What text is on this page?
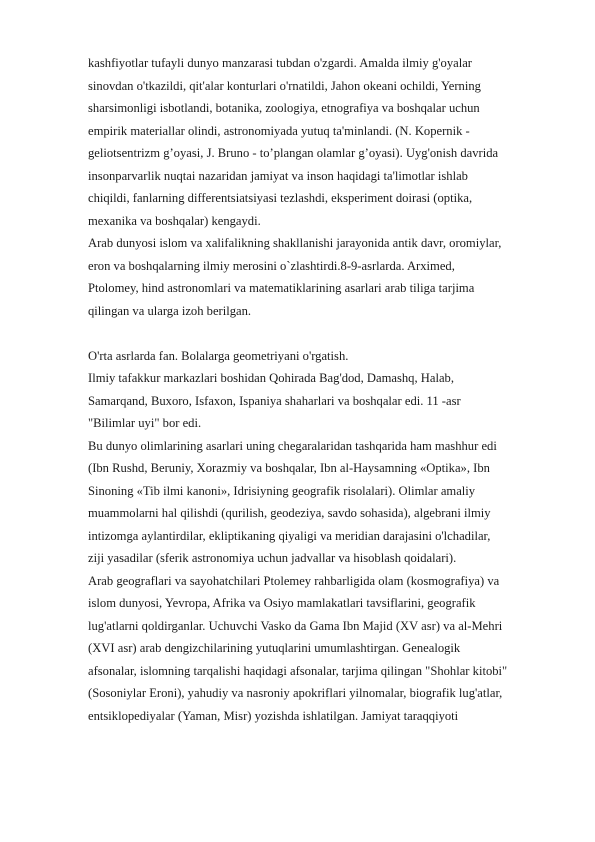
kashfiyotlar tufayli dunyo manzarasi tubdan o'zgardi. Amalda ilmiy g'oyalar
sinovdan o'tkazildi, qit'alar konturlari o'rnatildi, Jahon okeani ochildi, Yerning
sharsimonligi isbotlandi, botanika, zoologiya, etnografiya va boshqalar uchun
empirik materiallar olindi, astronomiyada yutuq ta'minlandi. (N. Kopernik -
geliotsentrizm g’oyasi, J. Bruno - to’plangan olamlar g’oyasi). Uyg'onish davrida
insonparvarlik nuqtai nazaridan jamiyat va inson haqidagi ta'limotlar ishlab
chiqildi, fanlarning differentsiatsiyasi tezlashdi, eksperiment doirasi (optika,
mexanika va boshqalar) kengaydi.
Arab dunyosi islom va xalifalikning shakllanishi jarayonida antik davr, oromiylar,
eron va boshqalarning ilmiy merosini o`zlashtirdi.8-9-asrlarda. Arximed,
Ptolomey, hind astronomlari va matematiklarining asarlari arab tiliga tarjima
qilingan va ularga izoh berilgan.
O'rta asrlarda fan. Bolalarga geometriyani o'rgatish.
Ilmiy tafakkur markazlari boshidan Qohirada Bag'dod, Damashq, Halab,
Samarqand, Buxoro, Isfaxon, Ispaniya shaharlari va boshqalar edi. 11 -asr
"Bilimlar uyi" bor edi.
Bu dunyo olimlarining asarlari uning chegaralaridan tashqarida ham mashhur edi
(Ibn Rushd, Beruniy, Xorazmiy va boshqalar, Ibn al-Haysamning «Optika», Ibn
Sinoning «Tib ilmi kanoni», Idrisiyning geografik risolalari). Olimlar amaliy
muammolarni hal qilishdi (qurilish, geodeziya, savdo sohasida), algebrani ilmiy
intizomga aylantirdilar, ekliptikaning qiyaligi va meridian darajasini o'lchadilar,
ziji yasadilar (sferik astronomiya uchun jadvallar va hisoblash qoidalari).
Arab geograflari va sayohatchilari Ptolemey rahbarligida olam (kosmografiya) va
islom dunyosi, Yevropa, Afrika va Osiyo mamlakatlari tavsiflarini, geografik
lug'atlarni qoldirganlar. Uchuvchi Vasko da Gama Ibn Majid (XV asr) va al-Mehri
(XVI asr) arab dengizchilarining yutuqlarini umumlashtirgan. Genealogik
afsonalar, islomning tarqalishi haqidagi afsonalar, tarjima qilingan "Shohlar kitobi"
(Sosoniylar Eroni), yahudiy va nasroniy apokriflari yilnomalar, biografik lug'atlar,
entsiklopediyalar (Yaman, Misr) yozishda ishlatilgan. Jamiyat taraqqiyoti
